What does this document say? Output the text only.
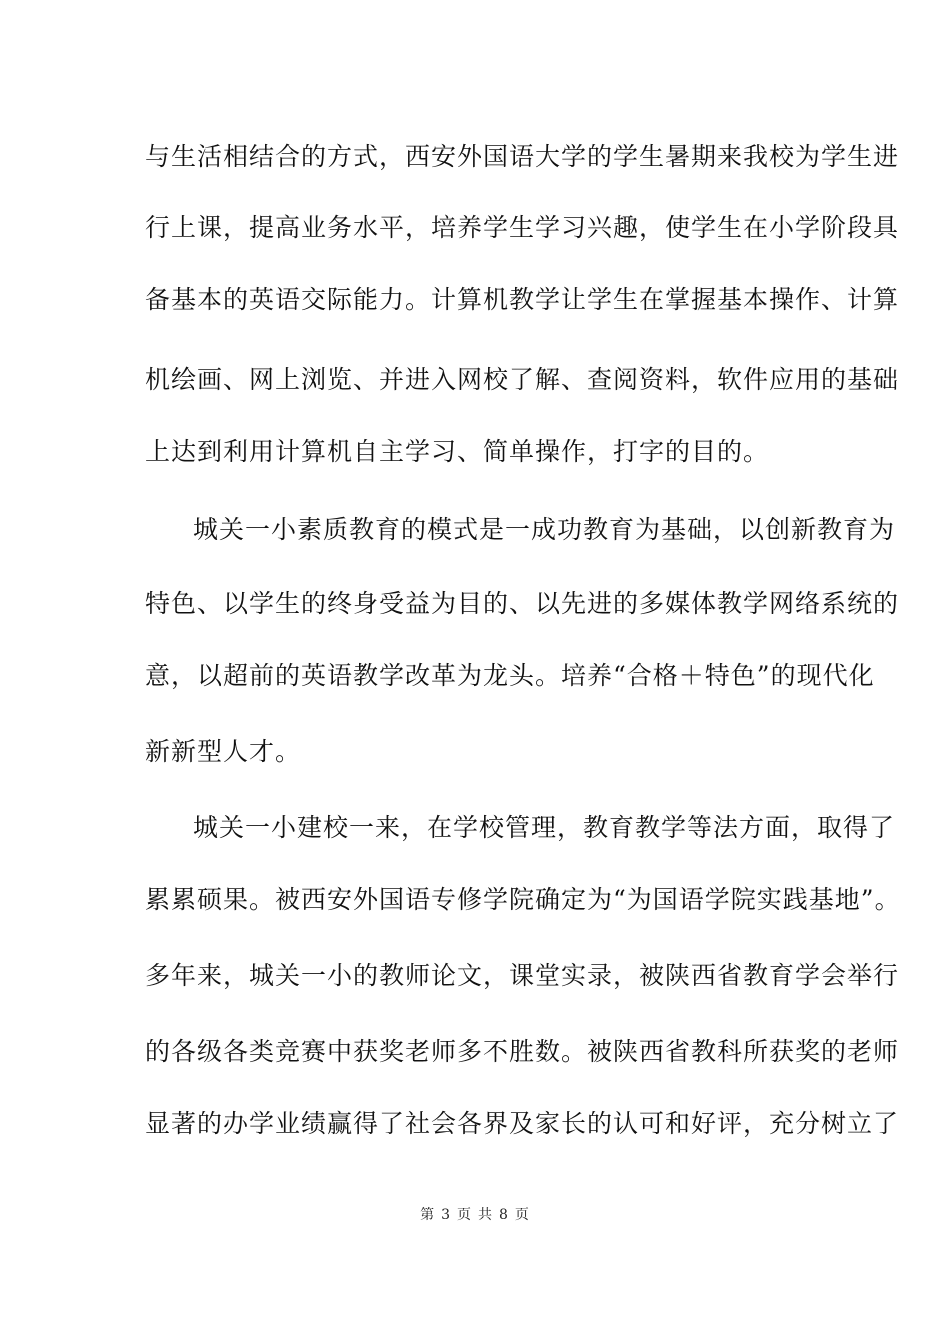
与生活相结合的方式，西安外国语大学的学生暑期来我校为学生进
行上课，提高业务水平，培养学生学习兴趣，使学生在小学阶段具
备基本的英语交际能力。计算机教学让学生在掌握基本操作、计算
机绘画、网上浏览、并进入网校了解、查阅资料，软件应用的基础
上达到利用计算机自主学习、简单操作，打字的目的。
城关一小素质教育的模式是一成功教育为基础，以创新教育为
特色、以学生的终身受益为目的、以先进的多媒体教学网络系统的
意，以超前的英语教学改革为龙头。培养“合格＋特色”的现代化
新新型人才。
城关一小建校一来，在学校管理，教育教学等法方面，取得了
累累硕果。被西安外国语专修学院确定为“为国语学院实践基地”。
多年来，城关一小的教师论文，课堂实录，被陕西省教育学会举行
的各级各类竞赛中获奖老师多不胜数。被陕西省教科所获奖的老师
显著的办学业绩赢得了社会各界及家长的认可和好评，充分树立了
第 3 页 共 8 页
